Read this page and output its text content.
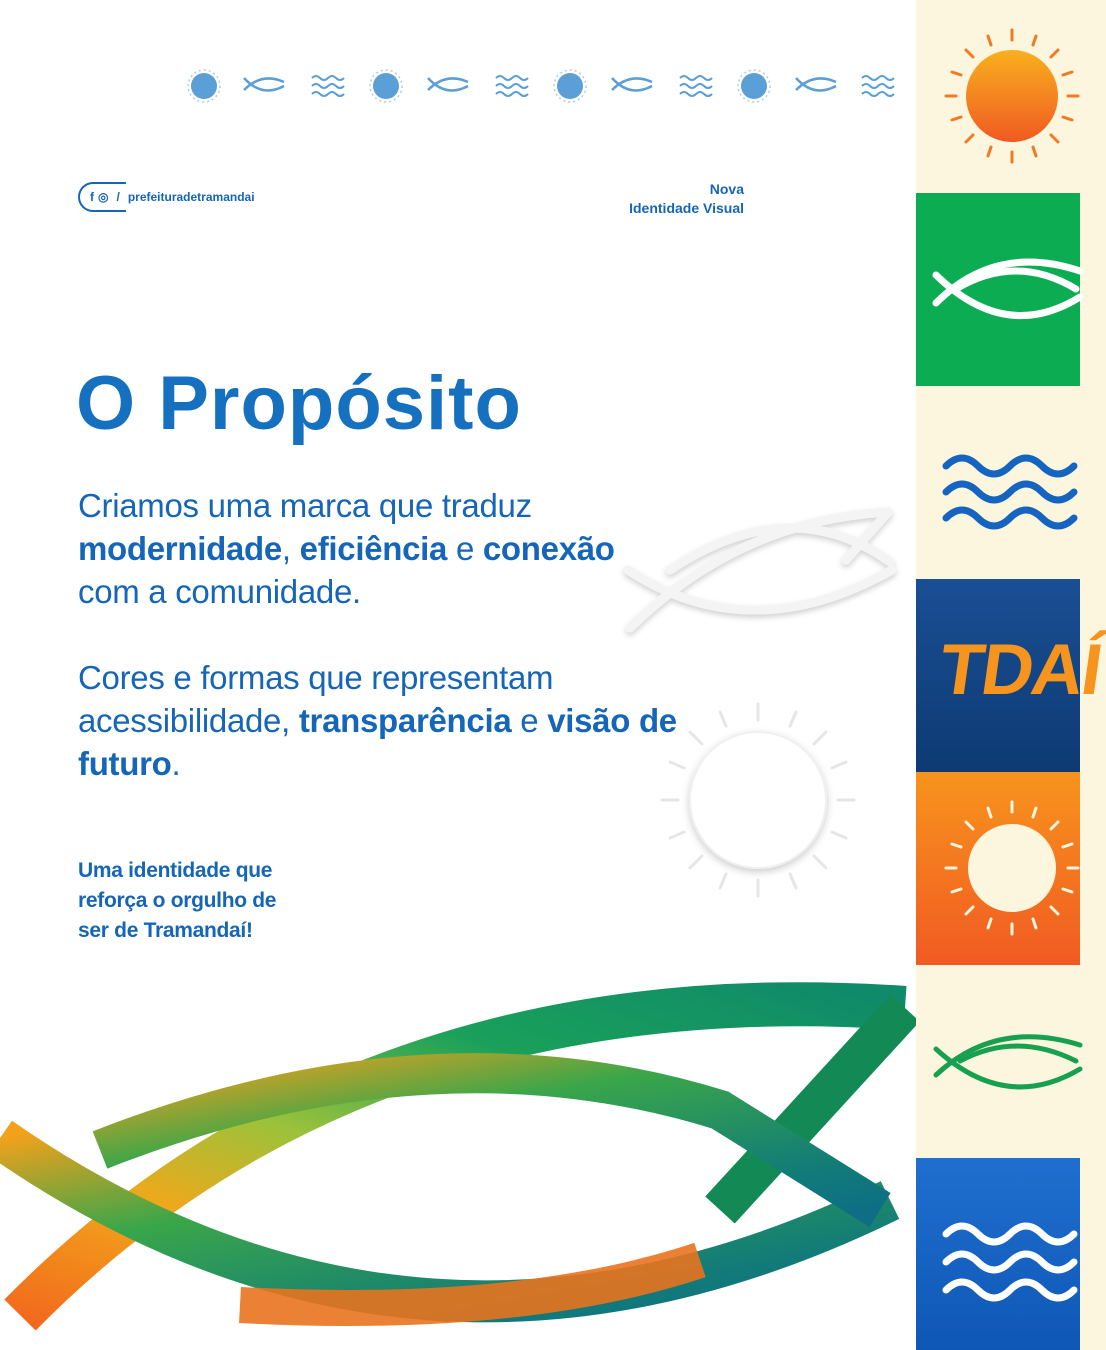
f ◎ / prefeituradetramandai	Nova
Identidade Visual
O Propósito

Criamos uma marca que traduz modernidade, eficiência e conexão com a comunidade.

Cores e formas que representam acessibilidade, transparência e visão de futuro.

Uma identidade que
reforça o orgulho de
ser de Tramandaí!

TDAÍ
